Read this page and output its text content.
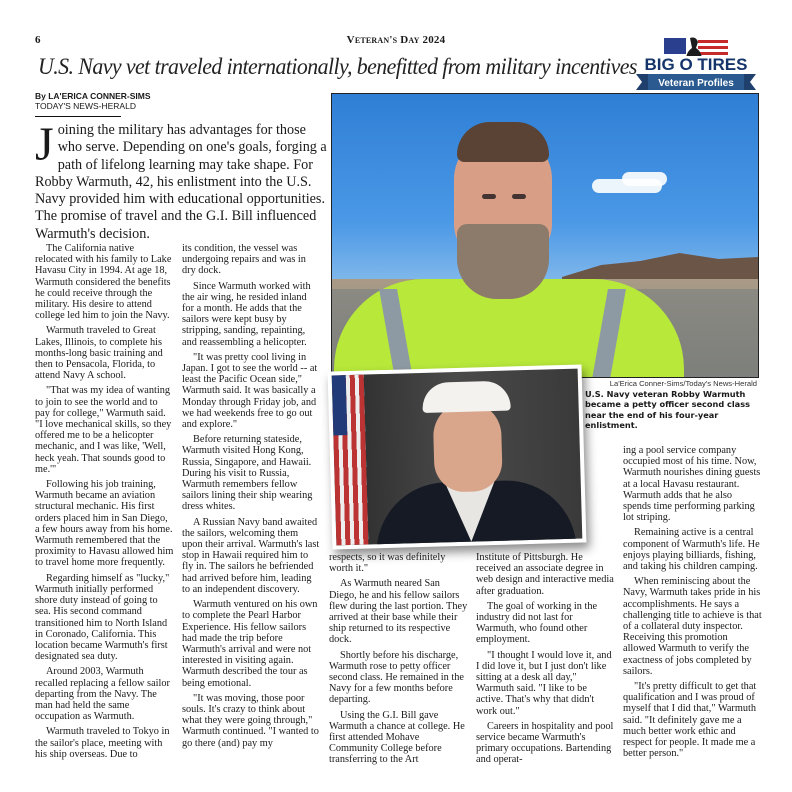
6	Veteran's Day 2024
U.S. Navy vet traveled internationally, benefitted from military incentives BIG O TIRES
Veteran Profiles
By LA'ERICA CONNER-SIMS
TODAY'S NEWS-HERALD
Joining the military has advantages for those who serve. Depending on one's goals, forging a path of lifelong learning may take shape. For Robby Warmuth, 42, his enlistment into the U.S. Navy provided him with educational opportunities. The promise of travel and the G.I. Bill influenced Warmuth's decision.
La'Erica Conner-Sims/Today's News-Herald
U.S. Navy veteran Robby Warmuth became a petty officer second class near the end of his four-year enlistment.

The California native relocated with his family to Lake Havasu City in 1994. At age 18, Warmuth considered the benefits he could receive through the military. His desire to attend college led him to join the Navy.

Warmuth traveled to Great Lakes, Illinois, to complete his months-long basic training and then to Pensacola, Florida, to attend Navy A school.

"That was my idea of wanting to join to see the world and to pay for college," Warmuth said. "I love mechanical skills, so they offered me to be a helicopter mechanic, and I was like, 'Well, heck yeah. That sounds good to me.'"

Following his job training, Warmuth became an aviation structural mechanic. His first orders placed him in San Diego, a few hours away from his home. Warmuth remembered that the proximity to Havasu allowed him to travel home more frequently.

Regarding himself as "lucky," Warmuth initially performed shore duty instead of going to sea. His second command transitioned him to North Island in Coronado, California. This location became Warmuth's first designated sea duty.

Around 2003, Warmuth recalled replacing a fellow sailor departing from the Navy. The man had held the same occupation as Warmuth.

Warmuth traveled to Tokyo in the sailor's place, meeting with his ship overseas. Due to

its condition, the vessel was undergoing repairs and was in dry dock.

Since Warmuth worked with the air wing, he resided inland for a month. He adds that the sailors were kept busy by stripping, sanding, repainting, and reassembling a helicopter.

"It was pretty cool living in Japan. I got to see the world -- at least the Pacific Ocean side," Warmuth said. It was basically a Monday through Friday job, and we had weekends free to go out and explore."

Before returning stateside, Warmuth visited Hong Kong, Russia, Singapore, and Hawaii. During his visit to Russia, Warmuth remembers fellow sailors lining their ship wearing dress whites.

A Russian Navy band awaited the sailors, welcoming them upon their arrival. Warmuth's last stop in Hawaii required him to fly in. The sailors he befriended had arrived before him, leading to an independent discovery.

Warmuth ventured on his own to complete the Pearl Harbor Experience. His fellow sailors had made the trip before Warmuth's arrival and were not interested in visiting again. Warmuth described the tour as being emotional.

"It was moving, those poor souls. It's crazy to think about what they were going through," Warmuth continued. "I wanted to go there (and) pay my

respects, so it was definitely worth it."

As Warmuth neared San Diego, he and his fellow sailors flew during the last portion. They arrived at their base while their ship returned to its respective dock.

Shortly before his discharge, Warmuth rose to petty officer second class. He remained in the Navy for a few months before departing.

Using the G.I. Bill gave Warmuth a chance at college. He first attended Mohave Community College before transferring to the Art

Institute of Pittsburgh. He received an associate degree in web design and interactive media after graduation.

The goal of working in the industry did not last for Warmuth, who found other employment.

"I thought I would love it, and I did love it, but I just don't like sitting at a desk all day," Warmuth said. "I like to be active. That's why that didn't work out."

Careers in hospitality and pool service became Warmuth's primary occupations. Bartending and operat-

ing a pool service company occupied most of his time. Now, Warmuth nourishes dining guests at a local Havasu restaurant. Warmuth adds that he also spends time performing parking lot striping.

Remaining active is a central component of Warmuth's life. He enjoys playing billiards, fishing, and taking his children camping.

When reminiscing about the Navy, Warmuth takes pride in his accomplishments. He says a challenging title to achieve is that of a collateral duty inspector. Receiving this promotion allowed Warmuth to verify the exactness of jobs completed by sailors.

"It's pretty difficult to get that qualification and I was proud of myself that I did that," Warmuth said. "It definitely gave me a much better work ethic and respect for people. It made me a better person."
